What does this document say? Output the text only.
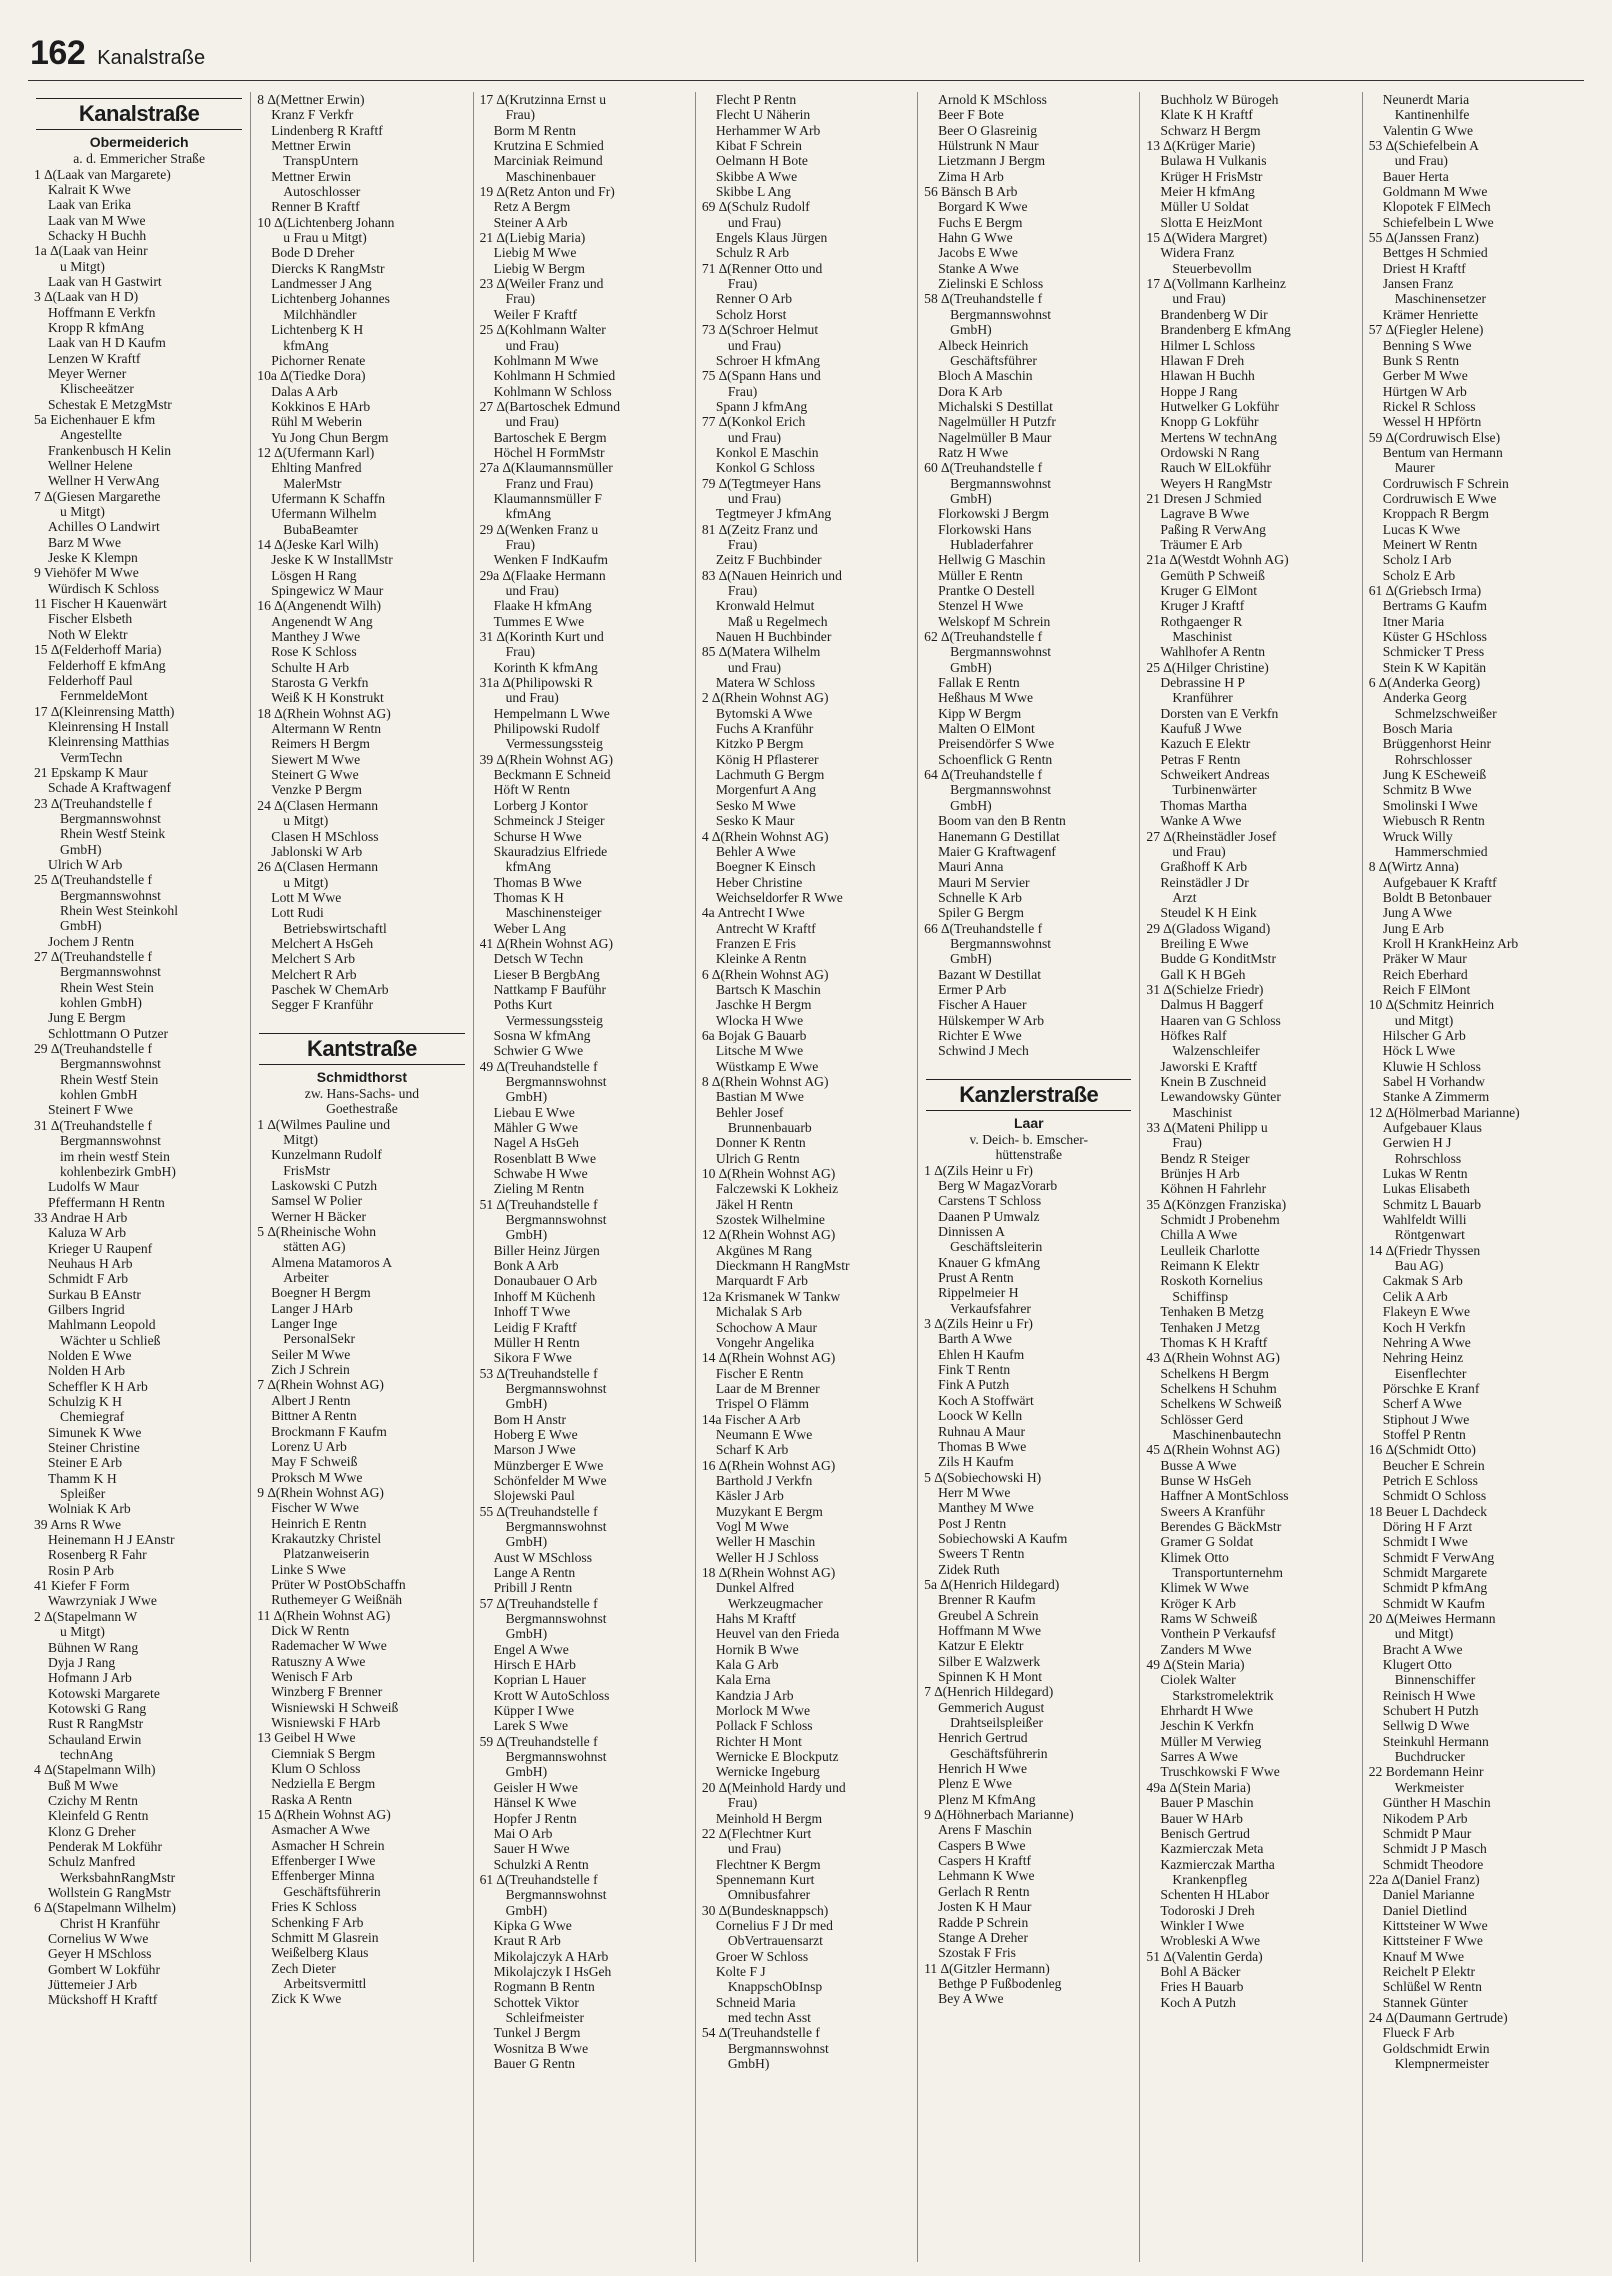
162 Kanalstraße
Kanalstraße
Obermeiderich
a. d. Emmericher Straße
1 ∆(Laak van Margarete)
Kalrait K Wwe
Laak van Erika
Laak van M Wwe
Schacky H Buchh
1a ∆(Laak van Heinr
u Mitgt)
Laak van H Gastwirt
3 ∆(Laak van H D)
Hoffmann E Verkfn
Kropp R kfmAng
Laak van H D Kaufm
Lenzen W Kraftf
Meyer Werner
Klischeeätzer
Schestak E MetzgMstr
5a Eichenhauer E kfm
Angestellte
Frankenbusch H Kelin
Wellner Helene
Wellner H VerwAng
7 ∆(Giesen Margarethe
u Mitgt)
Achilles O Landwirt
Barz M Wwe
Jeske K Klempn
9 Viehöfer M Wwe
Würdisch K Schloss
11 Fischer H Kauenwärt
Fischer Elsbeth
Noth W Elektr
15 ∆(Felderhoff Maria)
Felderhoff E kfmAng
Felderhoff Paul
FernmeldeMont
17 ∆(Kleinrensing Matth)
Kleinrensing H Install
Kleinrensing Matthias
VermTechn
21 Epskamp K Maur
Schade A Kraftwagenf
23 ∆(Treuhandstelle f
Bergmannswohnst
Rhein Westf Steink
GmbH)
Ulrich W Arb
25 ∆(Treuhandstelle f
Bergmannswohnst
Rhein West Steinkohl
GmbH)
Jochem J Rentn
27 ∆(Treuhandstelle f
Bergmannswohnst
Rhein West Stein
kohlen GmbH)
Jung E Bergm
Schlottmann O Putzer
29 ∆(Treuhandstelle f
Bergmannswohnst
Rhein Westf Stein
kohlen GmbH
Steinert F Wwe
31 ∆(Treuhandstelle f
Bergmannswohnst
im rhein westf Stein
kohlenbezirk GmbH)
Ludolfs W Maur
Pfeffermann H Rentn
33 Andrae H Arb
Kaluza W Arb
Krieger U Raupenf
Neuhaus H Arb
Schmidt F Arb
Surkau B EAnstr
Gilbers Ingrid
Mahlmann Leopold
Wächter u Schließ
Nolden E Wwe
Nolden H Arb
Scheffler K H Arb
Schulzig K H
Chemiegraf
Simunek K Wwe
Steiner Christine
Steiner E Arb
Thamm K H
Spleißer
Wolniak K Arb
39 Arns R Wwe
Heinemann H J EAnstr
Rosenberg R Fahr
Rosin P Arb
41 Kiefer F Form
Wawrzyniak J Wwe
2 ∆(Stapelmann W
u Mitgt)
Bühnen W Rang
Dyja J Rang
Hofmann J Arb
Kotowski Margarete
Kotowski G Rang
Rust R RangMstr
Schauland Erwin
technAng
4 ∆(Stapelmann Wilh)
Buß M Wwe
Czichy M Rentn
Kleinfeld G Rentn
Klonz G Dreher
Penderak M Lokführ
Schulz Manfred
WerksbahnRangMstr
Wollstein G RangMstr
6 ∆(Stapelmann Wilhelm)
Christ H Kranführ
Cornelius W Wwe
Geyer H MSchloss
Gombert W Lokführ
Jüttemeier J Arb
Mückshoff H Kraftf
8 ∆(Mettner Erwin)
Kranz F Verkfr
Lindenberg R Kraftf
Mettner Erwin
TranspUntern
Mettner Erwin
Autoschlosser
Renner B Kraftf
10 ∆(Lichtenberg Johann
u Frau u Mitgt)
Bode D Dreher
Diercks K RangMstr
Landmesser J Ang
Lichtenberg Johannes
Milchhändler
Lichtenberg K H
kfmAng
Pichorner Renate
10a ∆(Tiedke Dora)
Dalas A Arb
Kokkinos E HArb
Rühl M Weberin
Yu Jong Chun Bergm
12 ∆(Ufermann Karl)
Ehlting Manfred
MalerMstr
Ufermann K Schaffn
Ufermann Wilhelm
BubaBeamter
14 ∆(Jeske Karl Wilh)
Jeske K W InstallMstr
Lösgen H Rang
Spingewicz W Maur
16 ∆(Angenendt Wilh)
Angenendt W Ang
Manthey J Wwe
Rose K Schloss
Schulte H Arb
Starosta G Verkfn
Weiß K H Konstrukt
18 ∆(Rhein Wohnst AG)
Altermann W Rentn
Reimers H Bergm
Siewert M Wwe
Steinert G Wwe
Venzke P Bergm
24 ∆(Clasen Hermann
u Mitgt)
Clasen H MSchloss
Jablonski W Arb
26 ∆(Clasen Hermann
u Mitgt)
Lott M Wwe
Lott Rudi
Betriebswirtschaftl
Melchert A HsGeh
Melchert S Arb
Melchert R Arb
Paschek W ChemArb
Segger F Kranführ
Kantstraße
Schmidthorst
zw. Hans-Sachs- und
Goethestraße
1 ∆(Wilmes Pauline und
Mitgt)
Kunzelmann Rudolf
FrisMstr
Laskowski C Putzh
Samsel W Polier
Werner H Bäcker
5 ∆(Rheinische Wohn
stätten AG)
Almena Matamoros A
Arbeiter
Boegner H Bergm
Langer J HArb
Langer Inge
PersonalSekr
Seiler M Wwe
Zich J Schrein
7 ∆(Rhein Wohnst AG)
Albert J Rentn
Bittner A Rentn
Brockmann F Kaufm
Lorenz U Arb
May F Schweiß
Proksch M Wwe
9 ∆(Rhein Wohnst AG)
Fischer W Wwe
Heinrich E Rentn
Krakautzky Christel
Platzanweiserin
Linke S Wwe
Prüter W PostObSchaffn
Ruthemeyer G Weißnäh
11 ∆(Rhein Wohnst AG)
Dick W Rentn
Rademacher W Wwe
Ratuszny A Wwe
Wenisch F Arb
Winzberg F Brenner
Wisniewski H Schweiß
Wisniewski F HArb
13 Geibel H Wwe
Ciemniak S Bergm
Klum O Schloss
Nedziella E Bergm
Raska A Rentn
15 ∆(Rhein Wohnst AG)
Asmacher A Wwe
Asmacher H Schrein
Effenberger I Wwe
Effenberger Minna
Geschäftsführerin
Fries K Schloss
Schenking F Arb
Schmitt M Glasrein
Weißelberg Klaus
Zech Dieter
Arbeitsvermittl
Zick K Wwe
17 ∆(Krutzinna Ernst u
Frau)
Borm M Rentn
Krutzina E Schmied
Marciniak Reimund
Maschinenbauer
19 ∆(Retz Anton und Fr)
Retz A Bergm
Steiner A Arb
21 ∆(Liebig Maria)
Liebig M Wwe
Liebig W Bergm
23 ∆(Weiler Franz und
Frau)
Weiler F Kraftf
25 ∆(Kohlmann Walter
und Frau)
Kohlmann M Wwe
Kohlmann H Schmied
Kohlmann W Schloss
27 ∆(Bartoschek Edmund
und Frau)
Bartoschek E Bergm
Höchel H FormMstr
27a ∆(Klaumannsmüller
Franz und Frau)
Klaumannsmüller F
kfmAng
29 ∆(Wenken Franz u
Frau)
Wenken F IndKaufm
29a ∆(Flaake Hermann
und Frau)
Flaake H kfmAng
Tummes E Wwe
31 ∆(Korinth Kurt und
Frau)
Korinth K kfmAng
31a ∆(Philipowski R
und Frau)
Hempelmann L Wwe
Philipowski Rudolf
Vermessungssteig
39 ∆(Rhein Wohnst AG)
Beckmann E Schneid
Höft W Rentn
Lorberg J Kontor
Schmeinck J Steiger
Schurse H Wwe
Skauradzius Elfriede
kfmAng
Thomas B Wwe
Thomas K H
Maschinensteiger
Weber L Ang
41 ∆(Rhein Wohnst AG)
Detsch W Techn
Lieser B BergbAng
Nattkamp F Bauführ
Poths Kurt
Vermessungssteig
Sosna W kfmAng
Schwier G Wwe
49 ∆(Treuhandstelle f
Bergmannswohnst
GmbH)
Liebau E Wwe
Mähler G Wwe
Nagel A HsGeh
Rosenblatt B Wwe
Schwabe H Wwe
Zieling M Rentn
51 ∆(Treuhandstelle f
Bergmannswohnst
GmbH)
Biller Heinz Jürgen
Bonk A Arb
Donaubauer O Arb
Inhoff M Küchenh
Inhoff T Wwe
Leidig F Kraftf
Müller H Rentn
Sikora F Wwe
53 ∆(Treuhandstelle f
Bergmannswohnst
GmbH)
Bom H Anstr
Hoberg E Wwe
Marson J Wwe
Münzberger E Wwe
Schönfelder M Wwe
Slojewski Paul
55 ∆(Treuhandstelle f
Bergmannswohnst
GmbH)
Aust W MSchloss
Lange A Rentn
Pribill J Rentn
57 ∆(Treuhandstelle f
Bergmannswohnst
GmbH)
Engel A Wwe
Hirsch E HArb
Koprian L Hauer
Krott W AutoSchloss
Küpper I Wwe
Larek S Wwe
59 ∆(Treuhandstelle f
Bergmannswohnst
GmbH)
Geisler H Wwe
Hänsel K Wwe
Hopfer J Rentn
Mai O Arb
Sauer H Wwe
Schulzki A Rentn
61 ∆(Treuhandstelle f
Bergmannswohnst
GmbH)
Kipka G Wwe
Kraut R Arb
Mikolajczyk A HArb
Mikolajczyk I HsGeh
Rogmann B Rentn
Schottek Viktor
Schleifmeister
Tunkel J Bergm
Wosnitza B Wwe
Bauer G Rentn
Flecht P Rentn
Flecht U Näherin
Herhammer W Arb
Kibat F Schrein
Oelmann H Bote
Skibbe A Wwe
Skibbe L Ang
69 ∆(Schulz Rudolf
und Frau)
Engels Klaus Jürgen
Schulz R Arb
71 ∆(Renner Otto und
Frau)
Renner O Arb
Scholz Horst
73 ∆(Schroer Helmut
und Frau)
Schroer H kfmAng
75 ∆(Spann Hans und
Frau)
Spann J kfmAng
77 ∆(Konkol Erich
und Frau)
Konkol E Maschin
Konkol G Schloss
79 ∆(Tegtmeyer Hans
und Frau)
Tegtmeyer J kfmAng
81 ∆(Zeitz Franz und
Frau)
Zeitz F Buchbinder
83 ∆(Nauen Heinrich und
Frau)
Kronwald Helmut
Maß u Regelmech
Nauen H Buchbinder
85 ∆(Matera Wilhelm
und Frau)
Matera W Schloss
2 ∆(Rhein Wohnst AG)
Bytomski A Wwe
Fuchs A Kranführ
Kitzko P Bergm
König H Pflasterer
Lachmuth G Bergm
Morgenfurt A Ang
Sesko M Wwe
Sesko K Maur
4 ∆(Rhein Wohnst AG)
Behler A Wwe
Boegner K Einsch
Heber Christine
Weichseldorfer R Wwe
4a Antrecht I Wwe
Antrecht W Kraftf
Franzen E Fris
Kleinke A Rentn
6 ∆(Rhein Wohnst AG)
Bartsch K Maschin
Jaschke H Bergm
Wlocka H Wwe
6a Bojak G Bauarb
Litsche M Wwe
Wüstkamp E Wwe
8 ∆(Rhein Wohnst AG)
Bastian M Wwe
Behler Josef
Brunnenbauarb
Donner K Rentn
Ulrich G Rentn
10 ∆(Rhein Wohnst AG)
Falczewski K Lokheiz
Jäkel H Rentn
Szostek Wilhelmine
12 ∆(Rhein Wohnst AG)
Akgünes M Rang
Dieckmann H RangMstr
Marquardt F Arb
12a Krismanek W Tankw
Michalak S Arb
Schochow A Maur
Vongehr Angelika
14 ∆(Rhein Wohnst AG)
Fischer E Rentn
Laar de M Brenner
Trispel O Flämm
14a Fischer A Arb
Neumann E Wwe
Scharf K Arb
16 ∆(Rhein Wohnst AG)
Barthold J Verkfn
Käsler J Arb
Muzykant E Bergm
Vogl M Wwe
Weller H Maschin
Weller H J Schloss
18 ∆(Rhein Wohnst AG)
Dunkel Alfred
Werkzeugmacher
Hahs M Kraftf
Heuvel van den Frieda
Hornik B Wwe
Kala G Arb
Kala Erna
Kandzia J Arb
Morlock M Wwe
Pollack F Schloss
Richter H Mont
Wernicke E Blockputz
Wernicke Ingeburg
20 ∆(Meinhold Hardy und
Frau)
Meinhold H Bergm
22 ∆(Flechtner Kurt
und Frau)
Flechtner K Bergm
Spennemann Kurt
Omnibusfahrer
30 ∆(Bundesknappsch)
Cornelius F J Dr med
ObVertrauensarzt
Groer W Schloss
Kolte F J
KnappschObInsp
Schneid Maria
med techn Asst
54 ∆(Treuhandstelle f
Bergmannswohnst
GmbH)
Arnold K MSchloss
Beer F Bote
Beer O Glasreinig
Hülstrunk N Maur
Lietzmann J Bergm
Zima H Arb
56 Bänsch B Arb
Borgard K Wwe
Fuchs E Bergm
Hahn G Wwe
Jacobs E Wwe
Stanke A Wwe
Zielinski E Schloss
58 ∆(Treuhandstelle f
Bergmannswohnst
GmbH)
Albeck Heinrich
Geschäftsführer
Bloch A Maschin
Dora K Arb
Michalski S Destillat
Nagelmüller H Putzfr
Nagelmüller B Maur
Ratz H Wwe
60 ∆(Treuhandstelle f
Bergmannswohnst
GmbH)
Florkowski J Bergm
Florkowski Hans
Hubladerfahrer
Hellwig G Maschin
Müller E Rentn
Prantke O Destell
Stenzel H Wwe
Welskopf M Schrein
62 ∆(Treuhandstelle f
Bergmannswohnst
GmbH)
Fallak E Rentn
Heßhaus M Wwe
Kipp W Bergm
Malten O ElMont
Preisendörfer S Wwe
Schoenflick G Rentn
64 ∆(Treuhandstelle f
Bergmannswohnst
GmbH)
Boom van den B Rentn
Hanemann G Destillat
Maier G Kraftwagenf
Mauri Anna
Mauri M Servier
Schnelle K Arb
Spiler G Bergm
66 ∆(Treuhandstelle f
Bergmannswohnst
GmbH)
Bazant W Destillat
Ermer P Arb
Fischer A Hauer
Hülskemper W Arb
Richter E Wwe
Schwind J Mech
Kanzlerstraße
Laar
v. Deich- b. Emscher-
hüttenstraße
1 ∆(Zils Heinr u Fr)
Berg W MagazVorarb
Carstens T Schloss
Daanen P Umwalz
Dinnissen A
Geschäftsleiterin
Knauer G kfmAng
Prust A Rentn
Rippelmeier H
Verkaufsfahrer
3 ∆(Zils Heinr u Fr)
Barth A Wwe
Ehlen H Kaufm
Fink T Rentn
Fink A Putzh
Koch A Stoffwärt
Loock W Kelln
Ruhnau A Maur
Thomas B Wwe
Zils H Kaufm
5 ∆(Sobiechowski H)
Herr M Wwe
Manthey M Wwe
Post J Rentn
Sobiechowski A Kaufm
Sweers T Rentn
Zidek Ruth
5a ∆(Henrich Hildegard)
Brenner R Kaufm
Greubel A Schrein
Hoffmann M Wwe
Katzur E Elektr
Silber E Walzwerk
Spinnen K H Mont
7 ∆(Henrich Hildegard)
Gemmerich August
Drahtseilspleißer
Henrich Gertrud
Geschäftsführerin
Henrich H Wwe
Plenz E Wwe
Plenz M KfmAng
9 ∆(Höhnerbach Marianne)
Arens F Maschin
Caspers B Wwe
Caspers H Kraftf
Lehmann K Wwe
Gerlach R Rentn
Josten K H Maur
Radde P Schrein
Stange A Dreher
Szostak F Fris
11 ∆(Gitzler Hermann)
Bethge P Fußbodenleg
Bey A Wwe
Buchholz W Bürogeh
Klate K H Kraftf
Schwarz H Bergm
13 ∆(Krüger Marie)
Bulawa H Vulkanis
Krüger H FrisMstr
Meier H kfmAng
Müller U Soldat
Slotta E HeizMont
15 ∆(Widera Margret)
Widera Franz
Steuerbevollm
17 ∆(Vollmann Karlheinz
und Frau)
Brandenberg W Dir
Brandenberg E kfmAng
Hilmer L Schloss
Hlawan F Dreh
Hlawan H Buchh
Hoppe J Rang
Hutwelker G Lokführ
Knopp G Lokführ
Mertens W technAng
Ordowski N Rang
Rauch W ElLokführ
Weyers H RangMstr
21 Dresen J Schmied
Lagrave B Wwe
Paßing R VerwAng
Träumer E Arb
21a ∆(Westdt Wohnh AG)
Gemüth P Schweiß
Kruger G ElMont
Kruger J Kraftf
Rothgaenger R
Maschinist
Wahlhofer A Rentn
25 ∆(Hilger Christine)
Debrassine H P
Kranführer
Dorsten van E Verkfn
Kaufuß J Wwe
Kazuch E Elektr
Petras F Rentn
Schweikert Andreas
Turbinenwärter
Thomas Martha
Wanke A Wwe
27 ∆(Rheinstädler Josef
und Frau)
Graßhoff K Arb
Reinstädler J Dr
Arzt
Steudel K H Eink
29 ∆(Gladoss Wigand)
Breiling E Wwe
Budde G KonditMstr
Gall K H BGeh
31 ∆(Schielze Friedr)
Dalmus H Baggerf
Haaren van G Schloss
Höfkes Ralf
Walzenschleifer
Jaworski E Kraftf
Knein B Zuschneid
Lewandowsky Günter
Maschinist
33 ∆(Mateni Philipp u
Frau)
Bendz R Steiger
Brünjes H Arb
Köhnen H Fahrlehr
35 ∆(Könzgen Franziska)
Schmidt J Probenehm
Chilla A Wwe
Leulleik Charlotte
Reimann K Elektr
Roskoth Kornelius
Schiffinsp
Tenhaken B Metzg
Tenhaken J Metzg
Thomas K H Kraftf
43 ∆(Rhein Wohnst AG)
Schelkens H Bergm
Schelkens H Schuhm
Schelkens W Schweiß
Schlösser Gerd
Maschinenbautechn
45 ∆(Rhein Wohnst AG)
Busse A Wwe
Bunse W HsGeh
Haffner A MontSchloss
Sweers A Kranführ
Berendes G BäckMstr
Gramer G Soldat
Klimek Otto
Transportunternehm
Klimek W Wwe
Kröger K Arb
Rams W Schweiß
Vonthein P Verkaufsf
Zanders M Wwe
49 ∆(Stein Maria)
Ciolek Walter
Starkstromelektrik
Ehrhardt H Wwe
Jeschin K Verkfn
Müller M Verwieg
Sarres A Wwe
Truschkowski F Wwe
49a ∆(Stein Maria)
Bauer P Maschin
Bauer W HArb
Benisch Gertrud
Kazmierczak Meta
Kazmierczak Martha
Krankenpfleg
Schenten H HLabor
Todoroski J Dreh
Winkler I Wwe
Wrobleski A Wwe
51 ∆(Valentin Gerda)
Bohl A Bäcker
Fries H Bauarb
Koch A Putzh
Neunerdt Maria
Kantinenhilfe
Valentin G Wwe
53 ∆(Schiefelbein A
und Frau)
Bauer Herta
Goldmann M Wwe
Klopotek F ElMech
Schiefelbein L Wwe
55 ∆(Janssen Franz)
Bettges H Schmied
Driest H Kraftf
Jansen Franz
Maschinensetzer
Krämer Henriette
57 ∆(Fiegler Helene)
Benning S Wwe
Bunk S Rentn
Gerber M Wwe
Hürtgen W Arb
Rickel R Schloss
Wessel H HPförtn
59 ∆(Cordruwisch Else)
Bentum van Hermann
Maurer
Cordruwisch F Schrein
Cordruwisch E Wwe
Kroppach R Bergm
Lucas K Wwe
Meinert W Rentn
Scholz I Arb
Scholz E Arb
61 ∆(Griebsch Irma)
Bertrams G Kaufm
Itner Maria
Küster G HSchloss
Schmicker T Press
Stein K W Kapitän
6 ∆(Anderka Georg)
Anderka Georg
Schmelzschweißer
Bosch Maria
Brüggenhorst Heinr
Rohrschlosser
Jung K EScheweiß
Schmitz B Wwe
Smolinski I Wwe
Wiebusch R Rentn
Wruck Willy
Hammerschmied
8 ∆(Wirtz Anna)
Aufgebauer K Kraftf
Boldt B Betonbauer
Jung A Wwe
Jung E Arb
Kroll H KrankHeinz Arb
Präker W Maur
Reich Eberhard
Reich F ElMont
10 ∆(Schmitz Heinrich
und Mitgt)
Hilscher G Arb
Höck L Wwe
Kluwie H Schloss
Sabel H Vorhandw
Stanke A Zimmerm
12 ∆(Hölmerbad Marianne)
Aufgebauer Klaus
Gerwien H J
Rohrschloss
Lukas W Rentn
Lukas Elisabeth
Schmitz L Bauarb
Wahlfeldt Willi
Röntgenwart
14 ∆(Friedr Thyssen
Bau AG)
Cakmak S Arb
Celik A Arb
Flakeyn E Wwe
Koch H Verkfn
Nehring A Wwe
Nehring Heinz
Eisenflechter
Pörschke E Kranf
Scherf A Wwe
Stiphout J Wwe
Stoffel P Rentn
16 ∆(Schmidt Otto)
Beucher E Schrein
Petrich E Schloss
Schmidt O Schloss
18 Beuer L Dachdeck
Döring H F Arzt
Schmidt I Wwe
Schmidt F VerwAng
Schmidt Margarete
Schmidt P kfmAng
Schmidt W Kaufm
20 ∆(Meiwes Hermann
und Mitgt)
Bracht A Wwe
Klugert Otto
Binnenschiffer
Reinisch H Wwe
Schubert H Putzh
Sellwig D Wwe
Steinkuhl Hermann
Buchdrucker
22 Bordemann Heinr
Werkmeister
Günther H Maschin
Nikodem P Arb
Schmidt P Maur
Schmidt J P Masch
Schmidt Theodore
22a ∆(Daniel Franz)
Daniel Marianne
Daniel Dietlind
Kittsteiner W Wwe
Kittsteiner F Wwe
Knauf M Wwe
Reichelt P Elektr
Schlüßel W Rentn
Stannek Günter
24 ∆(Daumann Gertrude)
Flueck F Arb
Goldschmidt Erwin
Klempnermeister
